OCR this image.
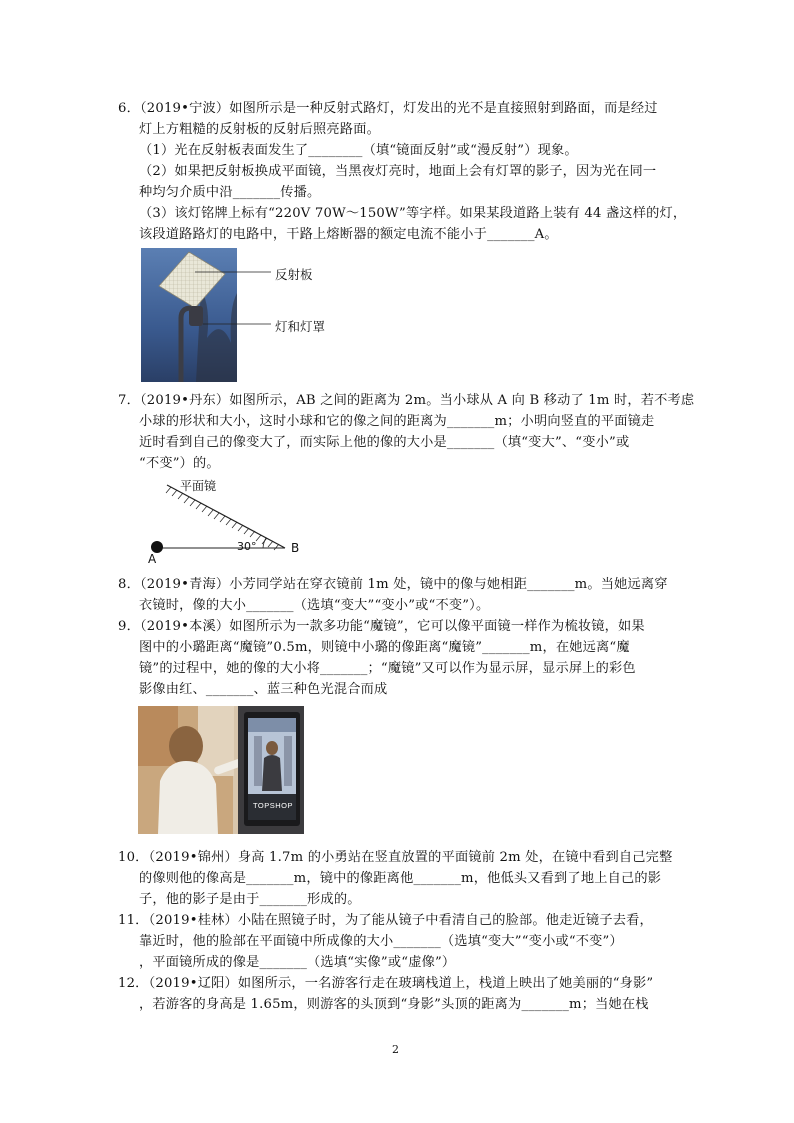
6．（2019•宁波）如图所示是一种反射式路灯，灯发出的光不是直接照射到路面，而是经过
灯上方粗糙的反射板的反射后照亮路面。
（1）光在反射板表面发生了________（填“镜面反射”或“漫反射”）现象。
（2）如果把反射板换成平面镜，当黑夜灯亮时，地面上会有灯罩的影子，因为光在同一
种均匀介质中沿_______传播。
（3）该灯铭牌上标有“220V 70W～150W”等字样。如果某段道路上装有 44 盏这样的灯，
该段道路路灯的电路中，干路上熔断器的额定电流不能小于_______A。
反射板
灯和灯罩
7．（2019•丹东）如图所示，AB 之间的距离为 2m。当小球从 A 向 B 移动了 1m 时，若不考虑
小球的形状和大小，这时小球和它的像之间的距离为_______m；小明向竖直的平面镜走
近时看到自己的像变大了，而实际上他的像的大小是_______（填“变大”、“变小”或
“不变”）的。
平面镜
30°
A
B
8．（2019•青海）小芳同学站在穿衣镜前 1m 处，镜中的像与她相距_______m。当她远离穿
衣镜时，像的大小_______（选填“变大”“变小”或“不变”）。
9．（2019•本溪）如图所示为一款多功能“魔镜”，它可以像平面镜一样作为梳妆镜，如果
图中的小璐距离“魔镜”0.5m，则镜中小璐的像距离“魔镜”_______m，在她远离“魔
镜”的过程中，她的像的大小将_______；“魔镜”又可以作为显示屏，显示屏上的彩色
影像由红、_______、蓝三种色光混合而成
TOPSHOP
10．（2019•锦州）身高 1.7m 的小勇站在竖直放置的平面镜前 2m 处，在镜中看到自己完整
的像则他的像高是_______m，镜中的像距离他_______m，他低头又看到了地上自己的影
子，他的影子是由于_______形成的。
11．（2019•桂林）小陆在照镜子时，为了能从镜子中看清自己的脸部。他走近镜子去看，
靠近时，他的脸部在平面镜中所成像的大小_______（选填“变大”“变小或“不变”）
，平面镜所成的像是_______（选填“实像”或“虚像”）
12．（2019•辽阳）如图所示，一名游客行走在玻璃栈道上，栈道上映出了她美丽的“身影”
，若游客的身高是 1.65m，则游客的头顶到“身影”头顶的距离为_______m；当她在栈
2
